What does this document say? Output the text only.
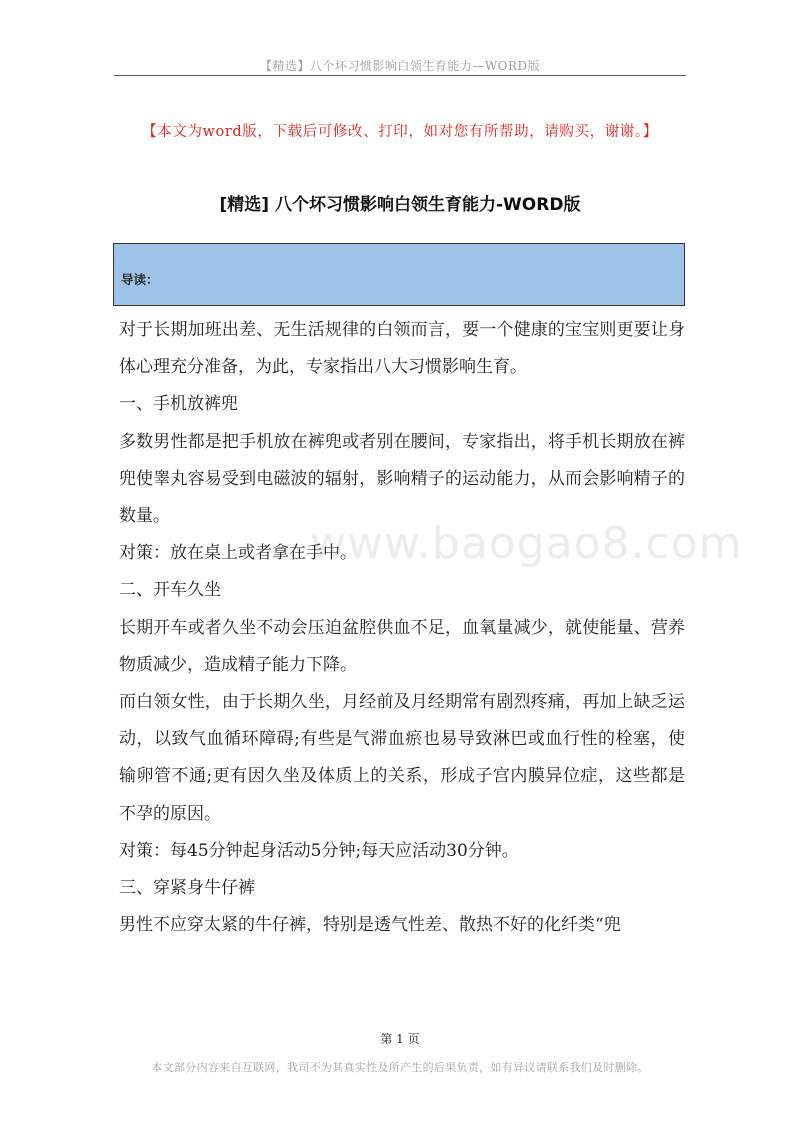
【精选】八个坏习惯影响白领生育能力—WORD版
【本文为word版，下载后可修改、打印，如对您有所帮助，请购买，谢谢。】
[精选] 八个坏习惯影响白领生育能力-WORD版
导读：

对于长期加班出差、无生活规律的白领而言，要一个健康的宝宝则更要让身体心理充分准备，为此，专家指出八大习惯影响生育。

一、手机放裤兜

多数男性都是把手机放在裤兜或者别在腰间，专家指出，将手机长期放在裤兜使睾丸容易受到电磁波的辐射，影响精子的运动能力，从而会影响精子的数量。

对策：放在桌上或者拿在手中。

二、开车久坐

长期开车或者久坐不动会压迫盆腔供血不足，血氧量减少，就使能量、营养物质减少，造成精子能力下降。

而白领女性，由于长期久坐，月经前及月经期常有剧烈疼痛，再加上缺乏运动，以致气血循环障碍;有些是气滞血瘀也易导致淋巴或血行性的栓塞，使输卵管不通;更有因久坐及体质上的关系，形成子宫内膜异位症，这些都是不孕的原因。

对策：每45分钟起身活动5分钟;每天应活动30分钟。

三、穿紧身牛仔裤

男性不应穿太紧的牛仔裤，特别是透气性差、散热不好的化纤类“兜

www.baogao8.com
第 1 页
本文部分内容来自互联网，我司不为其真实性及所产生的后果负责，如有异议请联系我们及时删除。
